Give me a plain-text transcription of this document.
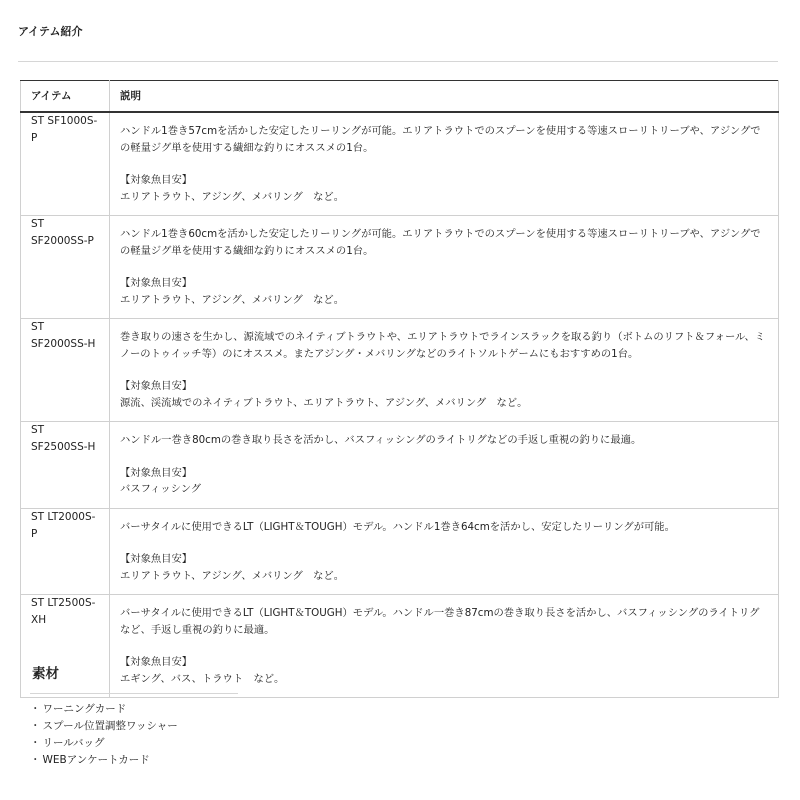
アイテム紹介
アイテム	説明
ST SF1000S-P	ハンドル1巻き57cmを活かした安定したリーリングが可能。エリアトラウトでのスプーンを使用する等速スローリトリーブや、アジングでの軽量ジグ単を使用する繊細な釣りにオススメの1台。
【対象魚目安】
エリアトラウト、アジング、メバリング　など。

ST SF2000SS-P	ハンドル1巻き60cmを活かした安定したリーリングが可能。エリアトラウトでのスプーンを使用する等速スローリトリーブや、アジングでの軽量ジグ単を使用する繊細な釣りにオススメの1台。
【対象魚目安】
エリアトラウト、アジング、メバリング　など。

ST SF2000SS-H	巻き取りの速さを生かし、源流域でのネイティブトラウトや、エリアトラウトでラインスラックを取る釣り（ボトムのリフト＆フォール、ミノーのトゥイッチ等）のにオススメ。またアジング・メバリングなどのライトソルトゲームにもおすすめの1台。
【対象魚目安】
源流、渓流域でのネイティブトラウト、エリアトラウト、アジング、メバリング　など。

ST SF2500SS-H	ハンドル一巻き80cmの巻き取り長さを活かし、バスフィッシングのライトリグなどの手返し重視の釣りに最適。
【対象魚目安】
バスフィッシング

ST LT2000S-P	バーサタイルに使用できるLT（LIGHT＆TOUGH）モデル。ハンドル1巻き64cmを活かし、安定したリーリングが可能。
【対象魚目安】
エリアトラウト、アジング、メバリング　など。

ST LT2500S-XH	バーサタイルに使用できるLT（LIGHT＆TOUGH）モデル。ハンドル一巻き87cmの巻き取り長さを活かし、バスフィッシングのライトリグなど、手返し重視の釣りに最適。
【対象魚目安】
エギング、バス、トラウト　など。
素材
・ ワーニングカード
・ スプール位置調整ワッシャー
・ リールバッグ
・ WEBアンケートカード
